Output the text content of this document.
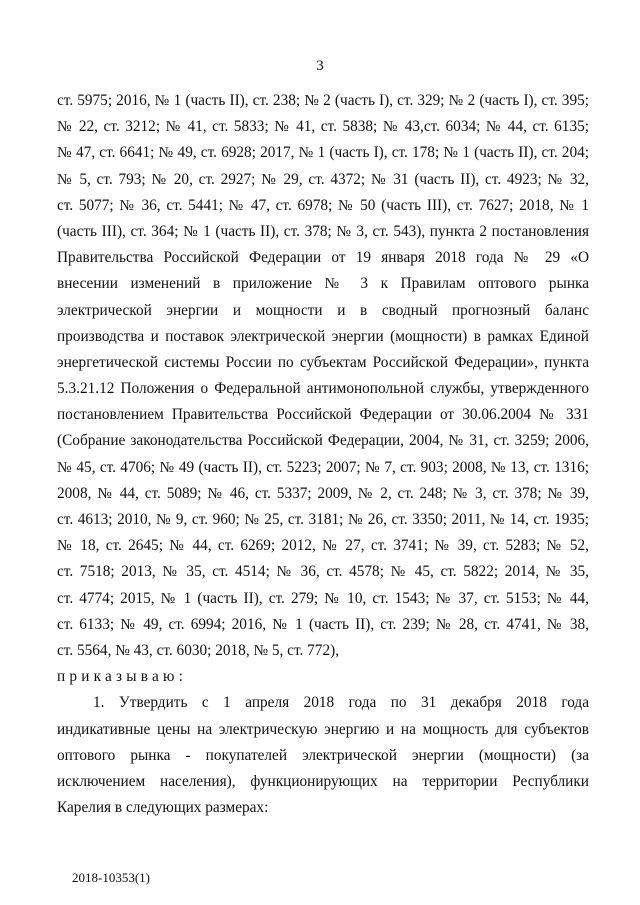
3
ст. 5975; 2016, № 1 (часть II), ст. 238; № 2 (часть I), ст. 329; № 2 (часть I), ст. 395;
№ 22, ст. 3212; № 41, ст. 5833; № 41, ст. 5838; № 43,ст. 6034; № 44, ст. 6135;
№ 47, ст. 6641; № 49, ст. 6928; 2017, № 1 (часть I), ст. 178; № 1 (часть II), ст. 204;
№ 5, ст. 793; № 20, ст. 2927; № 29, ст. 4372; № 31 (часть II), ст. 4923; № 32,
ст. 5077; № 36, ст. 5441; № 47, ст. 6978; № 50 (часть III), ст. 7627; 2018, № 1
(часть III), ст. 364; № 1 (часть II), ст. 378; № 3, ст. 543), пункта 2 постановления
Правительства Российской Федерации от 19 января 2018 года № 29 «О
внесении изменений в приложение № 3 к Правилам оптового рынка
электрической энергии и мощности и в сводный прогнозный баланс
производства и поставок электрической энергии (мощности) в рамках Единой
энергетической системы России по субъектам Российской Федерации», пункта
5.3.21.12 Положения о Федеральной антимонопольной службы, утвержденного
постановлением Правительства Российской Федерации от 30.06.2004 № 331
(Собрание законодательства Российской Федерации, 2004, № 31, ст. 3259; 2006,
№ 45, ст. 4706; № 49 (часть II), ст. 5223; 2007; № 7, ст. 903; 2008, № 13, ст. 1316;
2008, № 44, ст. 5089; № 46, ст. 5337; 2009, № 2, ст. 248; № 3, ст. 378; № 39,
ст. 4613; 2010, № 9, ст. 960; № 25, ст. 3181; № 26, ст. 3350; 2011, № 14, ст. 1935;
№ 18, ст. 2645; № 44, ст. 6269; 2012, № 27, ст. 3741; № 39, ст. 5283; № 52,
ст. 7518; 2013, № 35, ст. 4514; № 36, ст. 4578; № 45, ст. 5822; 2014, № 35,
ст. 4774; 2015, № 1 (часть II), ст. 279; № 10, ст. 1543; № 37, ст. 5153; № 44,
ст. 6133; № 49, ст. 6994; 2016, № 1 (часть II), ст. 239; № 28, ст. 4741, № 38,
ст. 5564, № 43, ст. 6030; 2018, № 5, ст. 772),
приказываю:
1. Утвердить с 1 апреля 2018 года по 31 декабря 2018 года
индикативные цены на электрическую энергию и на мощность для субъектов
оптового рынка - покупателей электрической энергии (мощности) (за
исключением населения), функционирующих на территории Республики
Карелия в следующих размерах:
2018-10353(1)
